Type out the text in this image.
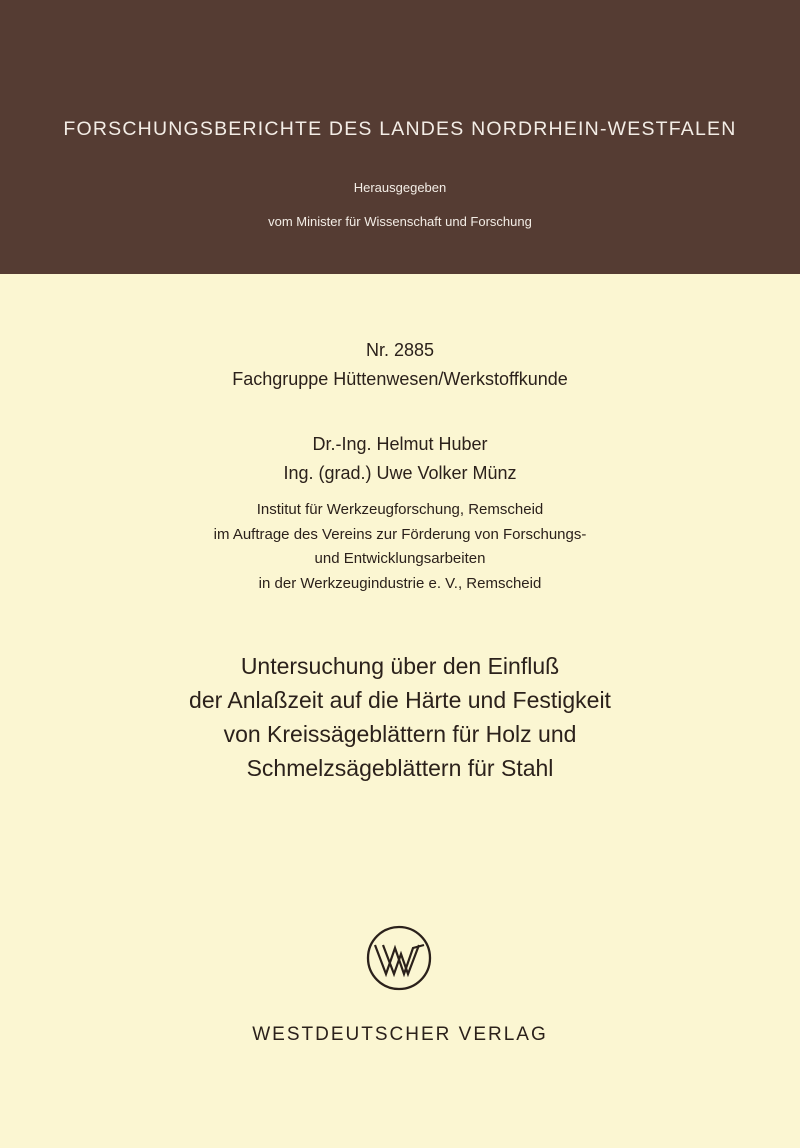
FORSCHUNGSBERICHTE DES LANDES NORDRHEIN-WESTFALEN
Herausgegeben
vom Minister für Wissenschaft und Forschung
Nr. 2885
Fachgruppe Hüttenwesen/Werkstoffkunde
Dr.-Ing. Helmut Huber
Ing. (grad.) Uwe Volker Münz
Institut für Werkzeugforschung, Remscheid
im Auftrage des Vereins zur Förderung von Forschungs-
und Entwicklungsarbeiten
in der Werkzeugindustrie e. V., Remscheid
Untersuchung über den Einfluß
der Anlaßzeit auf die Härte und Festigkeit
von Kreissägeblättern für Holz und
Schmelzsägeblättern für Stahl
WESTDEUTSCHER VERLAG
